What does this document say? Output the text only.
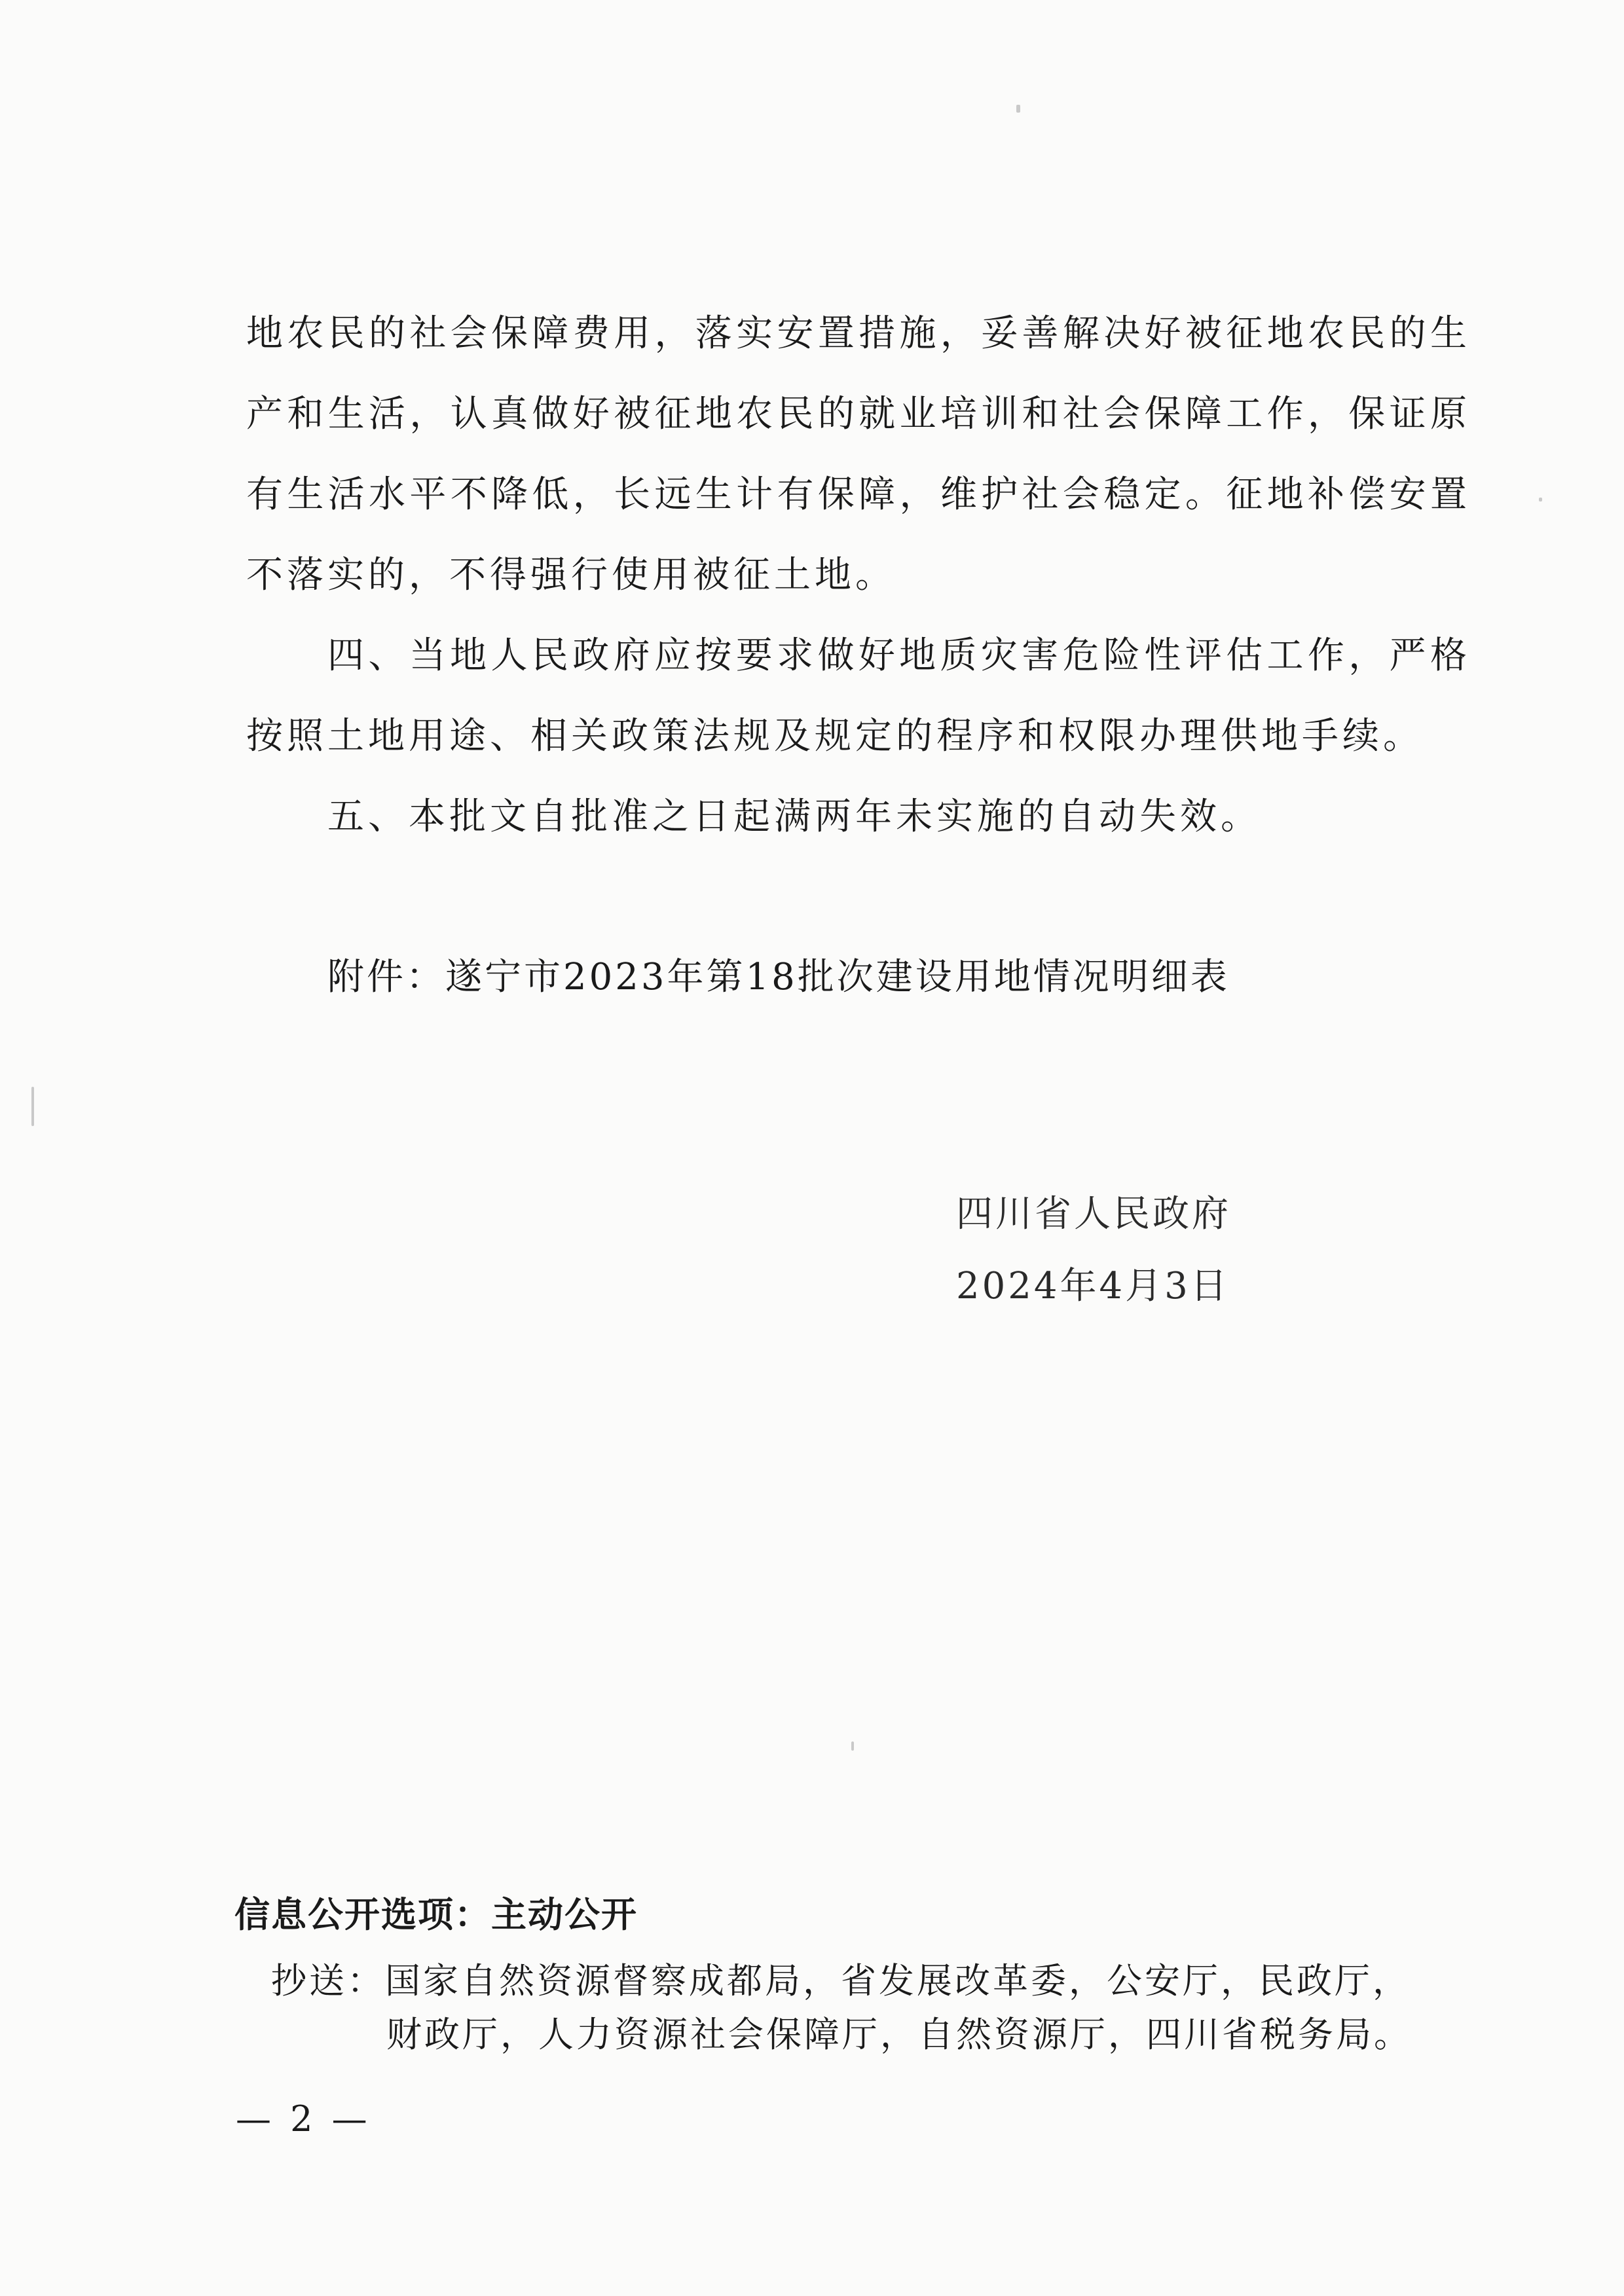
地农民的社会保障费用，落实安置措施，妥善解决好被征地农民的生产和生活，认真做好被征地农民的就业培训和社会保障工作，保证原有生活水平不降低，长远生计有保障，维护社会稳定。征地补偿安置不落实的，不得强行使用被征土地。

四、当地人民政府应按要求做好地质灾害危险性评估工作，严格按照土地用途、相关政策法规及规定的程序和权限办理供地手续。

五、本批文自批准之日起满两年未实施的自动失效。

附件：遂宁市2023年第18批次建设用地情况明细表
四川省人民政府
2024年4月3日
信息公开选项：主动公开
抄送：国家自然资源督察成都局，省发展改革委，公安厅，民政厅，
财政厅，人力资源社会保障厅，自然资源厅，四川省税务局。
— 2 —
